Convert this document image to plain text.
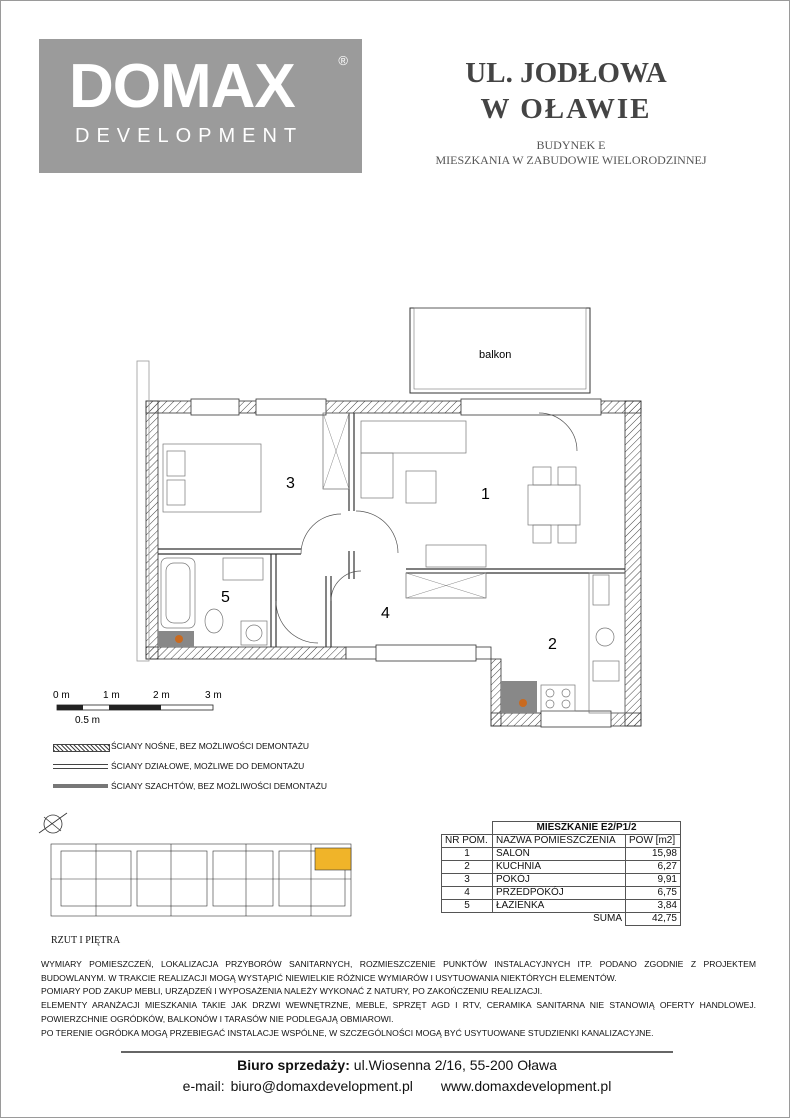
DOMAX	®
DEVELOPMENT
UL. JODŁOWA
W OŁAWIE
BUDYNEK E
MIESZKANIA W ZABUDOWIE WIELORODZINNEJ
balkon
1
2
3
4
5
0 m	1 m	2 m	3 m
0.5 m
ŚCIANY NOŚNE, BEZ MOŻLIWOŚCI DEMONTAŻU
ŚCIANY DZIAŁOWE, MOŻLIWE DO DEMONTAŻU
ŚCIANY SZACHTÓW, BEZ MOŻLIWOŚCI DEMONTAŻU
RZUT I PIĘTRA
	MIESZKANIE E2/P1/2	
NR POM.	NAZWA POMIESZCZENIA	POW [m2]
1	SALON	15,98
2	KUCHNIA	6,27
3	POKÓJ	9,91
4	PRZEDPOKÓJ	6,75
5	ŁAZIENKA	3,84
	SUMA	42,75

WYMIARY POMIESZCZEŃ, LOKALIZACJA PRZYBORÓW SANITARNYCH, ROZMIESZCZENIE PUNKTÓW INSTALACYJNYCH ITP. PODANO ZGODNIE Z PROJEKTEM BUDOWLANYM. W TRAKCIE REALIZACJI MOGĄ WYSTĄPIĆ NIEWIELKIE RÓŻNICE WYMIARÓW I USYTUOWANIA NIEKTÓRYCH ELEMENTÓW.

POMIARY POD ZAKUP MEBLI, URZĄDZEŃ I WYPOSAŻENIA NALEŻY WYKONAĆ Z NATURY, PO ZAKOŃCZENIU REALIZACJI.

ELEMENTY ARANŻACJI MIESZKANIA TAKIE JAK DRZWI WEWNĘTRZNE, MEBLE, SPRZĘT AGD I RTV, CERAMIKA SANITARNA NIE STANOWIĄ OFERTY HANDLOWEJ. POWIERZCHNIE OGRÓDKÓW, BALKONÓW I TARASÓW NIE PODLEGAJĄ OBMIAROWI.

PO TERENIE OGRÓDKA MOGĄ PRZEBIEGAĆ INSTALACJE WSPÓLNE, W SZCZEGÓLNOŚCI MOGĄ BYĆ USYTUOWANE STUDZIENKI KANALIZACYJNE.

Biuro sprzedaży: ul.Wiosenna 2/16, 55-200 Oława
e-mail: biuro@domaxdevelopment.pl www.domaxdevelopment.pl
